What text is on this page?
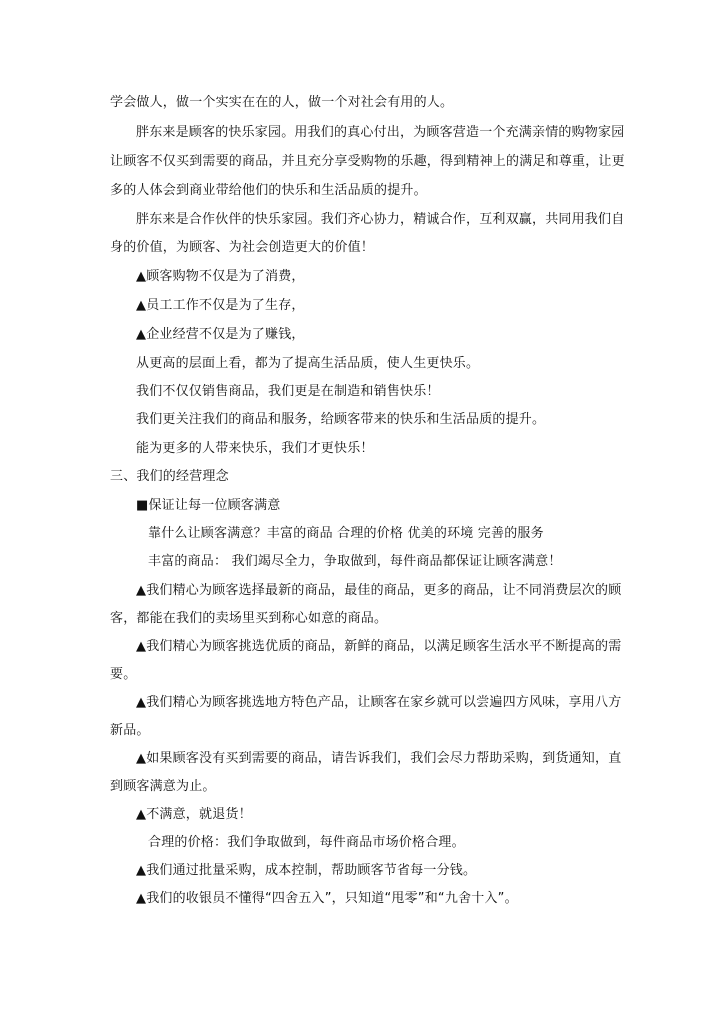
学会做人，做一个实实在在的人，做一个对社会有用的人。
胖东来是顾客的快乐家园。用我们的真心付出，为顾客营造一个充满亲情的购物家园
让顾客不仅买到需要的商品，并且充分享受购物的乐趣，得到精神上的满足和尊重，让更
多的人体会到商业带给他们的快乐和生活品质的提升。
胖东来是合作伙伴的快乐家园。我们齐心协力，精诚合作，互利双赢，共同用我们自
身的价值，为顾客、为社会创造更大的价值！
▲顾客购物不仅是为了消费，
▲员工工作不仅是为了生存，
▲企业经营不仅是为了赚钱，
从更高的层面上看，都为了提高生活品质，使人生更快乐。
我们不仅仅销售商品，我们更是在制造和销售快乐！
我们更关注我们的商品和服务，给顾客带来的快乐和生活品质的提升。
能为更多的人带来快乐，我们才更快乐！
三、我们的经营理念
■保证让每一位顾客满意
靠什么让顾客满意？丰富的商品 合理的价格 优美的环境 完善的服务
丰富的商品： 我们竭尽全力，争取做到，每件商品都保证让顾客满意！
▲我们精心为顾客选择最新的商品，最佳的商品，更多的商品，让不同消费层次的顾
客，都能在我们的卖场里买到称心如意的商品。
▲我们精心为顾客挑选优质的商品，新鲜的商品，以满足顾客生活水平不断提高的需
要。
▲我们精心为顾客挑选地方特色产品，让顾客在家乡就可以尝遍四方风味，享用八方
新品。
▲如果顾客没有买到需要的商品，请告诉我们，我们会尽力帮助采购，到货通知，直
到顾客满意为止。
▲不满意，就退货！
合理的价格：我们争取做到，每件商品市场价格合理。
▲我们通过批量采购，成本控制，帮助顾客节省每一分钱。
▲我们的收银员不懂得“四舍五入”，只知道“甩零”和“九舍十入”。
